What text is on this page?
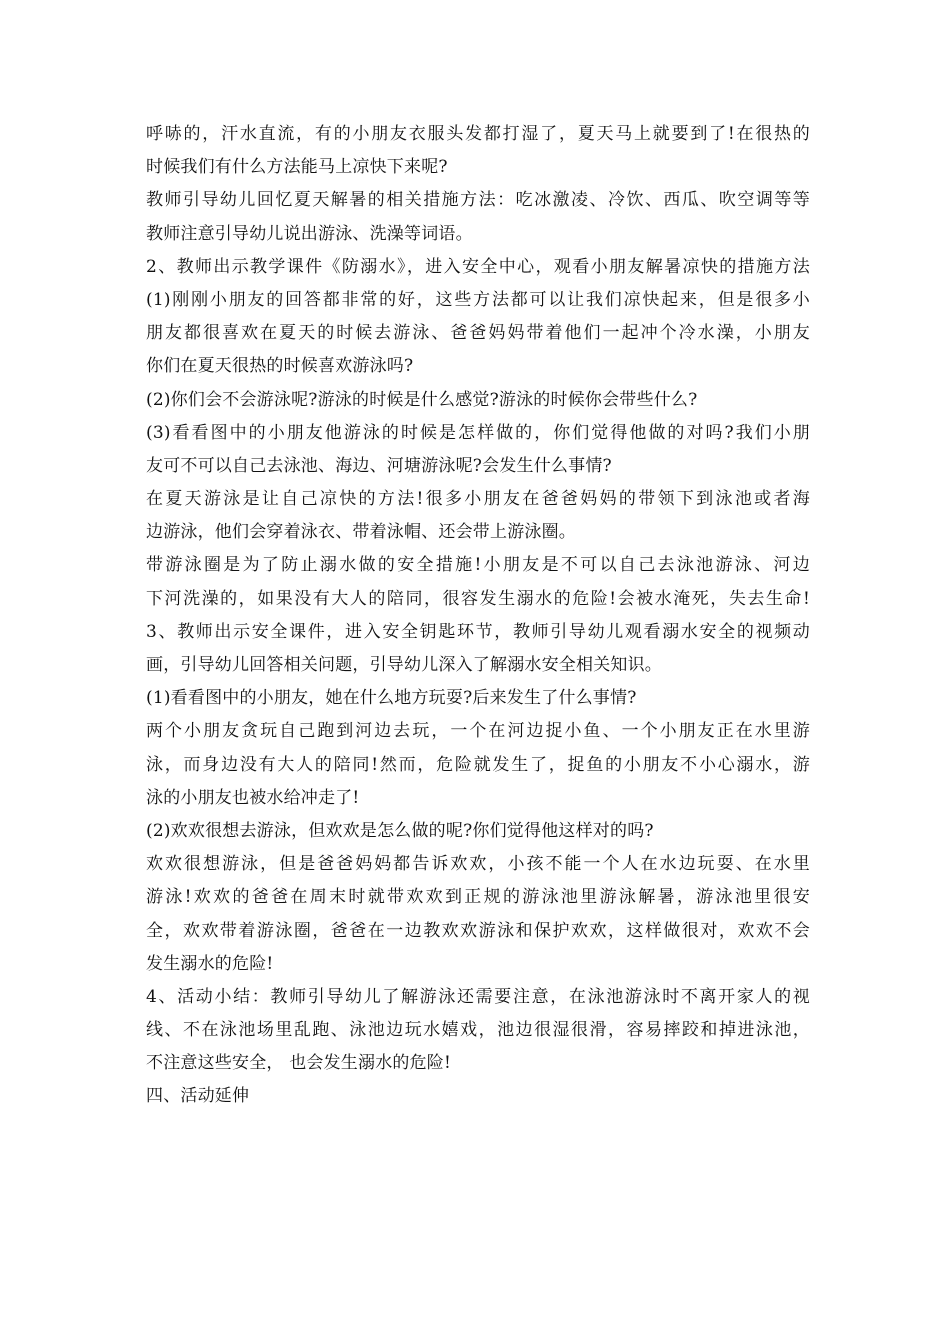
呼哧的，汗水直流，有的小朋友衣服头发都打湿了，夏天马上就要到了!在很热的
时候我们有什么方法能马上凉快下来呢?
教师引导幼儿回忆夏天解暑的相关措施方法：吃冰激凌、冷饮、西瓜、吹空调等等
教师注意引导幼儿说出游泳、洗澡等词语。
2、教师出示教学课件《防溺水》，进入安全中心，观看小朋友解暑凉快的措施方法
(1)刚刚小朋友的回答都非常的好，这些方法都可以让我们凉快起来，但是很多小
朋友都很喜欢在夏天的时候去游泳、爸爸妈妈带着他们一起冲个冷水澡，小朋友
你们在夏天很热的时候喜欢游泳吗?
(2)你们会不会游泳呢?游泳的时候是什么感觉?游泳的时候你会带些什么?
(3)看看图中的小朋友他游泳的时候是怎样做的，你们觉得他做的对吗?我们小朋
友可不可以自己去泳池、海边、河塘游泳呢?会发生什么事情?
在夏天游泳是让自己凉快的方法!很多小朋友在爸爸妈妈的带领下到泳池或者海
边游泳，他们会穿着泳衣、带着泳帽、还会带上游泳圈。
带游泳圈是为了防止溺水做的安全措施!小朋友是不可以自己去泳池游泳、河边
下河洗澡的，如果没有大人的陪同，很容发生溺水的危险!会被水淹死，失去生命!
3、教师出示安全课件，进入安全钥匙环节，教师引导幼儿观看溺水安全的视频动
画，引导幼儿回答相关问题，引导幼儿深入了解溺水安全相关知识。
(1)看看图中的小朋友，她在什么地方玩耍?后来发生了什么事情?
两个小朋友贪玩自己跑到河边去玩，一个在河边捉小鱼、一个小朋友正在水里游
泳，而身边没有大人的陪同!然而，危险就发生了，捉鱼的小朋友不小心溺水，游
泳的小朋友也被水给冲走了!
(2)欢欢很想去游泳，但欢欢是怎么做的呢?你们觉得他这样对的吗?
欢欢很想游泳，但是爸爸妈妈都告诉欢欢，小孩不能一个人在水边玩耍、在水里
游泳!欢欢的爸爸在周末时就带欢欢到正规的游泳池里游泳解暑，游泳池里很安
全，欢欢带着游泳圈，爸爸在一边教欢欢游泳和保护欢欢，这样做很对，欢欢不会
发生溺水的危险!
4、活动小结：教师引导幼儿了解游泳还需要注意，在泳池游泳时不离开家人的视
线、不在泳池场里乱跑、泳池边玩水嬉戏，池边很湿很滑，容易摔跤和掉进泳池，
不注意这些安全， 也会发生溺水的危险!
四、活动延伸
